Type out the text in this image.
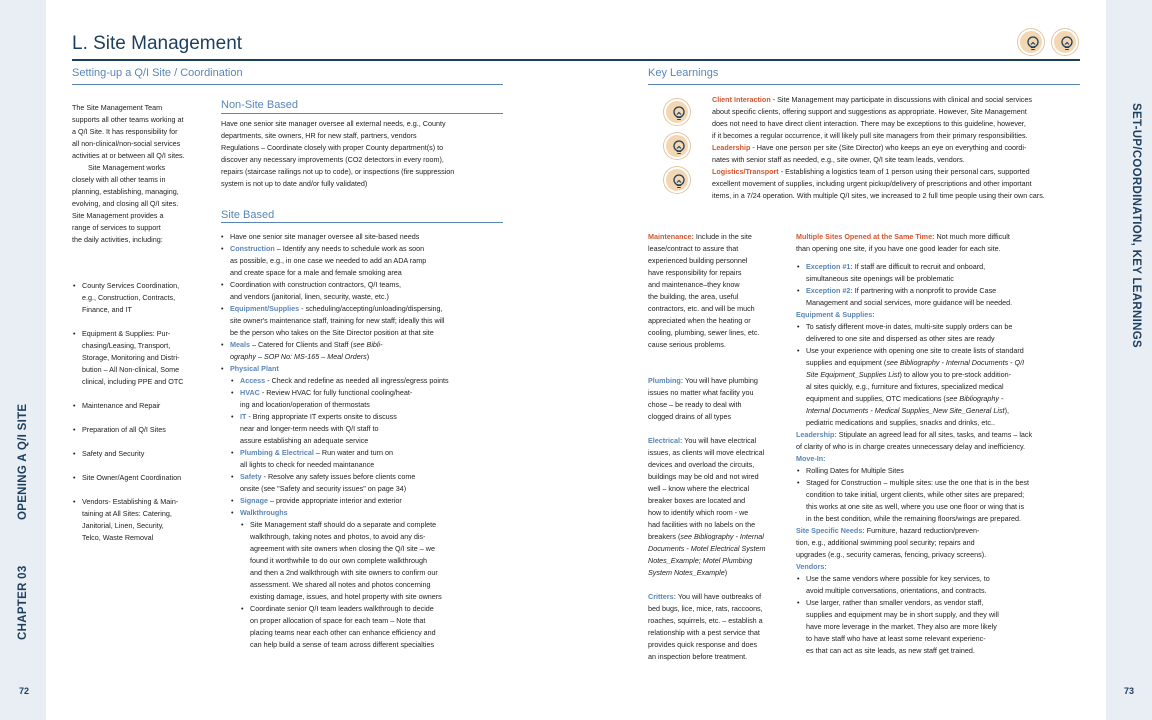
CHAPTER 03
OPENING A Q/I SITE
72
SET-UP/COORDINATION, KEY LEARNINGS
73
L. Site Management
Setting-up a Q/I Site / Coordination	Key Learnings

The Site Management Team

supports all other teams working at

a Q/I Site. It has responsibility for

all non-clinical/non-social services

activities at or between all Q/I sites.

Site Management works

closely with all other teams in

planning, establishing, managing,

evolving, and closing all Q/I sites.

Site Management provides a

range of services to support

the daily activities, including:

• County Services Coordination,

e.g., Construction, Contracts,

Finance, and IT

• Equipment & Supplies: Pur-

chasing/Leasing, Transport,

Storage, Monitoring and Distri-

bution – All Non-clinical, Some

clinical, including PPE and OTC

• Maintenance and Repair

• Preparation of all Q/I Sites

• Safety and Security

• Site Owner/Agent Coordination

• Vendors- Establishing & Main-

taining at All Sites: Catering,

Janitorial, Linen, Security,

Telco, Waste Removal

Non-Site Based

Have one senior site manager oversee all external needs, e.g., County

departments, site owners, HR for new staff, partners, vendors

Regulations – Coordinate closely with proper County department(s) to

discover any necessary improvements (CO2 detectors in every room),

repairs (staircase railings not up to code), or inspections (fire suppression

system is not up to date and/or fully validated)

Site Based

• Have one senior site manager oversee all site-based needs

• Construction – Identify any needs to schedule work as soon

as possible, e.g., in one case we needed to add an ADA ramp

and create space for a male and female smoking area

• Coordination with construction contractors, Q/I teams,

and vendors (janitorial, linen, security, waste, etc.)

• Equipment/Supplies - scheduling/accepting/unloading/dispersing,

site owner's maintenance staff, training for new staff; ideally this will

be the person who takes on the Site Director position at that site

• Meals – Catered for Clients and Staff (see Bibli-

ography – SOP No: MS-165 – Meal Orders)

• Physical Plant

• Access - Check and redefine as needed all ingress/egress points

• HVAC - Review HVAC for fully functional cooling/heat-

ing and location/operation of thermostats

• IT - Bring appropriate IT experts onsite to discuss

near and longer-term needs with Q/I staff to

assure establishing an adequate service

• Plumbing & Electrical – Run water and turn on

all lights to check for needed maintanance

• Safety - Resolve any safety issues before clients come

onsite (see "Safety and security issues" on page 34)

• Signage – provide appropriate interior and exterior

• Walkthroughs

• Site Management staff should do a separate and complete

walkthrough, taking notes and photos, to avoid any dis-

agreement with site owners when closing the Q/I site – we

found it worthwhile to do our own complete walkthrough

and then a 2nd walkthrough with site owners to confirm our

assessment. We shared all notes and photos concerning

existing damage, issues, and hotel property with site owners

• Coordinate senior Q/I team leaders walkthrough to decide

on proper allocation of space for each team – Note that

placing teams near each other can enhance efficiency and

can help build a sense of team across different specialties

Client Interaction - Site Management may participate in discussions with clinical and social services

about specific clients, offering support and suggestions as appropriate. However, Site Management

does not need to have direct client interaction. There may be exceptions to this guideline, however,

if it becomes a regular occurrence, it will likely pull site managers from their primary responsibilities.

Leadership - Have one person per site (Site Director) who keeps an eye on everything and coordi-

nates with senior staff as needed, e.g., site owner, Q/I site team leads, vendors.

Logistics/Transport - Establishing a logistics team of 1 person using their personal cars, supported

excellent movement of supplies, including urgent pickup/delivery of prescriptions and other important

items, in a 7/24 operation. With multiple Q/I sites, we increased to 2 full time people using their own cars.

Maintenance: Include in the site

lease/contract to assure that

experienced building personnel

have responsibility for repairs

and maintenance–they know

the building, the area, useful

contractors, etc. and will be much

appreciated when the heating or

cooling, plumbing, sewer lines, etc.

cause serious problems.

Plumbing: You will have plumbing

issues no matter what facility you

chose – be ready to deal with

clogged drains of all types

Electrical: You will have electrical

issues, as clients will move electrical

devices and overload the circuits,

buildings may be old and not wired

well – know where the electrical

breaker boxes are located and

how to identify which room - we

had facilities with no labels on the

breakers (see Bibliography - Internal

Documents - Motel Electrical System

Notes_Example; Motel Plumbing

System Notes_Example)

Critters: You will have outbreaks of

bed bugs, lice, mice, rats, raccoons,

roaches, squirrels, etc. – establish a

relationship with a pest service that

provides quick response and does

an inspection before treatment.

Multiple Sites Opened at the Same Time: Not much more difficult

than opening one site, if you have one good leader for each site.

• Exception #1: If staff are difficult to recruit and onboard,

simultaneous site openings will be problematic

• Exception #2: If partnering with a nonprofit to provide Case

Management and social services, more guidance will be needed.

Equipment & Supplies:

• To satisfy different move-in dates, multi-site supply orders can be

delivered to one site and dispersed as other sites are ready

• Use your experience with opening one site to create lists of standard

supplies and equipment (see Bibliography - Internal Documents - Q/I

Site Equipment_Supplies List) to allow you to pre-stock addition-

al sites quickly, e.g., furniture and fixtures, specialized medical

equipment and supplies, OTC medications (see Bibliography -

Internal Documents - Medical Supplies_New Site_General List),

pediatric medications and supplies, snacks and drinks, etc..

Leadership: Stipulate an agreed lead for all sites, tasks, and teams – lack

of clarity of who is in charge creates unnecessary delay and inefficiency.

Move-In:

• Rolling Dates for Multiple Sites

• Staged for Construction – multiple sites: use the one that is in the best

condition to take initial, urgent clients, while other sites are prepared;

this works at one site as well, where you use one floor or wing that is

in the best condition, while the remaining floors/wings are prepared.

Site Specific Needs: Furniture, hazard reduction/preven-

tion, e.g., additional swimming pool security; repairs and

upgrades (e.g., security cameras, fencing, privacy screens).

Vendors:

• Use the same vendors where possible for key services, to

avoid multiple conversations, orientations, and contracts.

• Use larger, rather than smaller vendors, as vendor staff,

supplies and equipment may be in short supply, and they will

have more leverage in the market. They also are more likely

to have staff who have at least some relevant experienc-

es that can act as site leads, as new staff get trained.
